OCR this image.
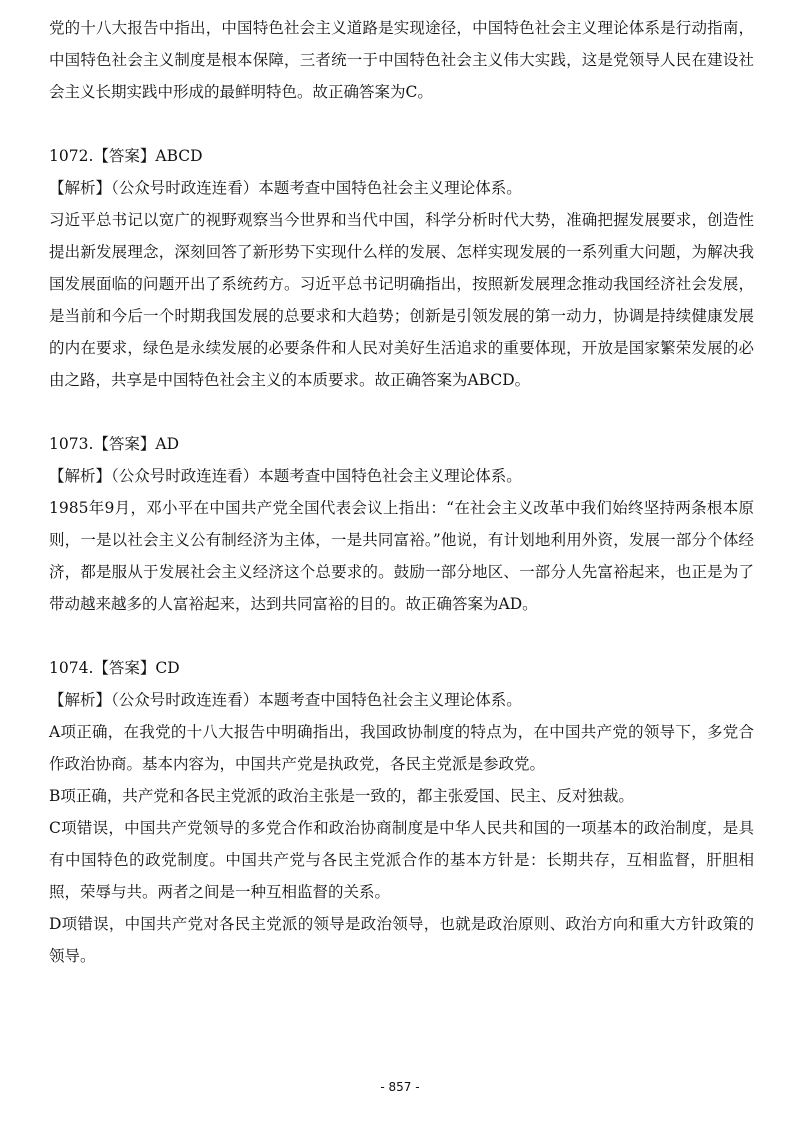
党的十八大报告中指出，中国特色社会主义道路是实现途径，中国特色社会主义理论体系是行动指南，中国特色社会主义制度是根本保障，三者统一于中国特色社会主义伟大实践，这是党领导人民在建设社会主义长期实践中形成的最鲜明特色。故正确答案为C。

1072.【答案】ABCD

【解析】（公众号时政连连看）本题考查中国特色社会主义理论体系。

习近平总书记以宽广的视野观察当今世界和当代中国，科学分析时代大势，准确把握发展要求，创造性提出新发展理念，深刻回答了新形势下实现什么样的发展、怎样实现发展的一系列重大问题，为解决我国发展面临的问题开出了系统药方。习近平总书记明确指出，按照新发展理念推动我国经济社会发展，是当前和今后一个时期我国发展的总要求和大趋势；创新是引领发展的第一动力，协调是持续健康发展的内在要求，绿色是永续发展的必要条件和人民对美好生活追求的重要体现，开放是国家繁荣发展的必由之路，共享是中国特色社会主义的本质要求。故正确答案为ABCD。

1073.【答案】AD

【解析】（公众号时政连连看）本题考查中国特色社会主义理论体系。

1985年9月，邓小平在中国共产党全国代表会议上指出：“在社会主义改革中我们始终坚持两条根本原则，一是以社会主义公有制经济为主体，一是共同富裕。”他说，有计划地利用外资，发展一部分个体经济，都是服从于发展社会主义经济这个总要求的。鼓励一部分地区、一部分人先富裕起来，也正是为了带动越来越多的人富裕起来，达到共同富裕的目的。故正确答案为AD。

1074.【答案】CD

【解析】（公众号时政连连看）本题考查中国特色社会主义理论体系。

A项正确，在我党的十八大报告中明确指出，我国政协制度的特点为，在中国共产党的领导下，多党合作政治协商。基本内容为，中国共产党是执政党，各民主党派是参政党。

B项正确，共产党和各民主党派的政治主张是一致的，都主张爱国、民主、反对独裁。

C项错误，中国共产党领导的多党合作和政治协商制度是中华人民共和国的一项基本的政治制度，是具有中国特色的政党制度。中国共产党与各民主党派合作的基本方针是：长期共存，互相监督，肝胆相照，荣辱与共。两者之间是一种互相监督的关系。

D项错误，中国共产党对各民主党派的领导是政治领导，也就是政治原则、政治方向和重大方针政策的领导。

- 857 -
